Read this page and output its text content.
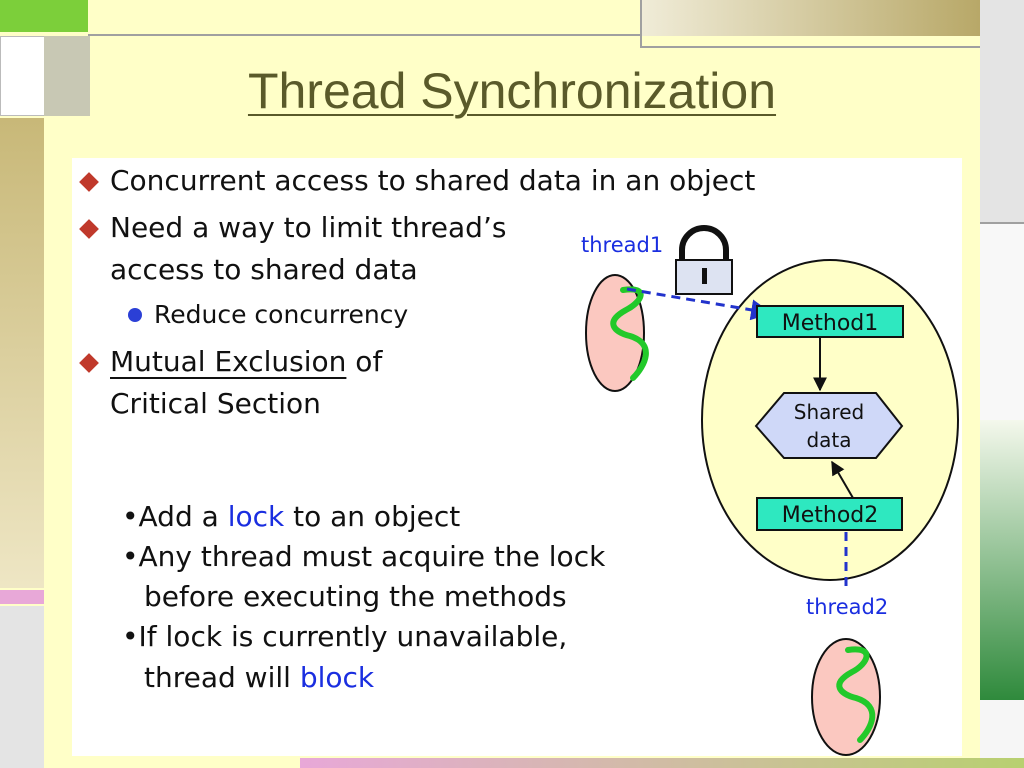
Thread Synchronization
Concurrent access to shared data in an object
Need a way to limit thread’s
access to shared data
Reduce concurrency
Mutual Exclusion of
Critical Section
•Add a lock to an object
•Any thread must acquire the lock
before executing the methods
•If lock is currently unavailable,
thread will block
Method1
Shared
data
Method2
thread1
thread2
